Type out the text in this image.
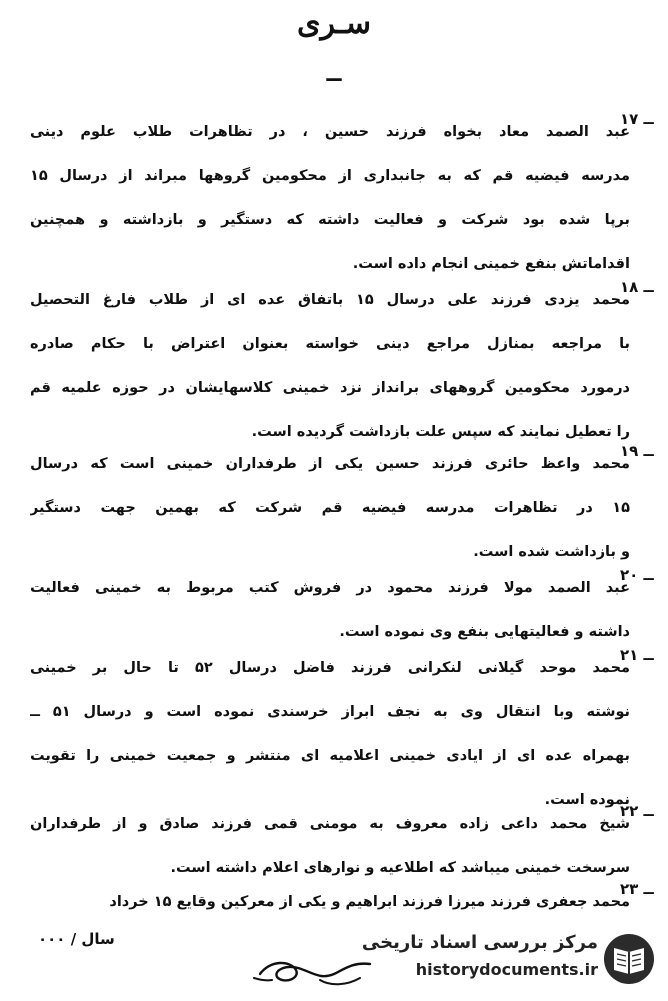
سـرى
ــ
۱۷ ــ
عبد الصمد معاد بخواه فرزند حسین ، در تظاهرات طلاب علوم دینی
مدرسه فیضیه قم که به جانبداری از محکومین گروهها مبراند از درسال ۱۵
برپا شده بود شرکت و فعالیت داشته که دستگیر و بازداشته و همچنین
اقداماتش بنفع خمینی انجام داده است.
۱۸ ــ
محمد یزدی فرزند علی درسال ۱۵ باتفاق عده ای از طلاب فارغ التحصیل
با مراجعه بمنازل مراجع دینی خواسته بعنوان اعتراض با حکام صادره
درمورد محکومین گروههای برانداز نزد خمینی کلاسهایشان در حوزه علمیه قم
را تعطیل نمایند که سپس علت بازداشت گردیده است.
۱۹ ــ
محمد واعظ حائری فرزند حسین یکی از طرفداران خمینی است که درسال
۱۵ در تظاهرات مدرسه فیضیه قم شرکت که بهمین جهت دستگیر
و بازداشت شده است.
۲۰ ــ
عبد الصمد مولا فرزند محمود در فروش کتب مربوط به خمینی فعالیت
داشته و فعالیتهایی بنفع وی نموده است.
۲۱ ــ
محمد موحد گیلانی لنکرانی فرزند فاضل درسال ۵۲ تا حال بر خمینی
نوشته وبا انتقال وی به نجف ابراز خرسندی نموده است و درسال ۵۱ ــ
بهمراه عده ای از ایادی خمینی اعلامیه ای منتشر و جمعیت خمینی را تقویت
نموده است.
۲۲ ــ
شیخ محمد داعی زاده معروف به مومنی قمی فرزند صادق و از طرفداران
سرسخت خمینی میباشد که اطلاعیه و نوارهای اعلام داشته است.
۲۳ ــ
محمد جعفری فرزند میرزا فرزند ابراهیم و یکی از معرکین وقایع ۱۵ خرداد
سال / ۰۰۰	مرکز بررسی اسناد تاریخی
historydocuments.ir
